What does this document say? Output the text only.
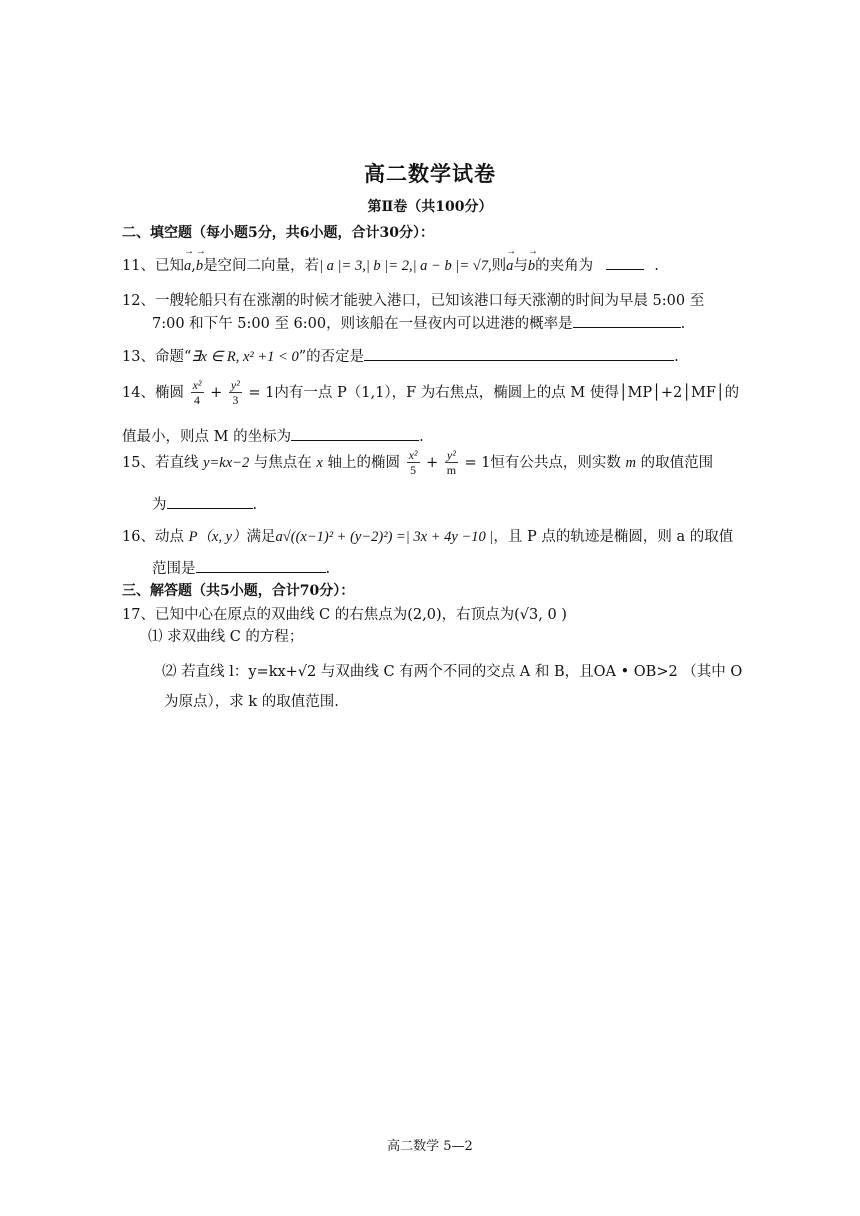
高二数学试卷
第Ⅱ卷（共100分）
二、填空题（每小题5分，共6小题，合计30分）：
11、已知→ a,→ b是空间二向量，若| a |= 3,| b |= 2,| a − b |= √7,则→ a与→ b的夹角为	.
12、一艘轮船只有在涨潮的时候才能驶入港口，已知该港口每天涨潮的时间为早晨 5:00 至
7:00 和下午 5:00 至 6:00，则该船在一昼夜内可以进港的概率是	.
13、命题“∃x ∈ R, x² +1 < 0”的否定是	.
14、椭圆 $\frac{\text{x²}}{4} + \frac{\text{y²}}{3} = 1$内有一点 P（1,1），F 为右焦点，椭圆上的点 M 使得│MP│+2│MF│的
值最小，则点 M 的坐标为	.
15、若直线 y=kx−2 与焦点在 x 轴上的椭圆 $\frac{\text{x²}}{5} + \frac{\text{y²}}{m} = 1$恒有公共点，则实数 m 的取值范围
为	.
16、动点 P（x, y）满足a√((x−1)² + (y−2)²) =| 3x + 4y −10 |，且 P 点的轨迹是椭圆，则 a 的取值
范围是	.
三、解答题（共5小题，合计70分）：
17、已知中心在原点的双曲线 C 的右焦点为(2,0)，右顶点为(√3, 0 )
⑴ 求双曲线 C 的方程；
⑵ 若直线 l：y=kx+√2 与双曲线 C 有两个不同的交点 A 和 B，且OA • OB>2 （其中 O
为原点），求 k 的取值范围.
高二数学 5—2
